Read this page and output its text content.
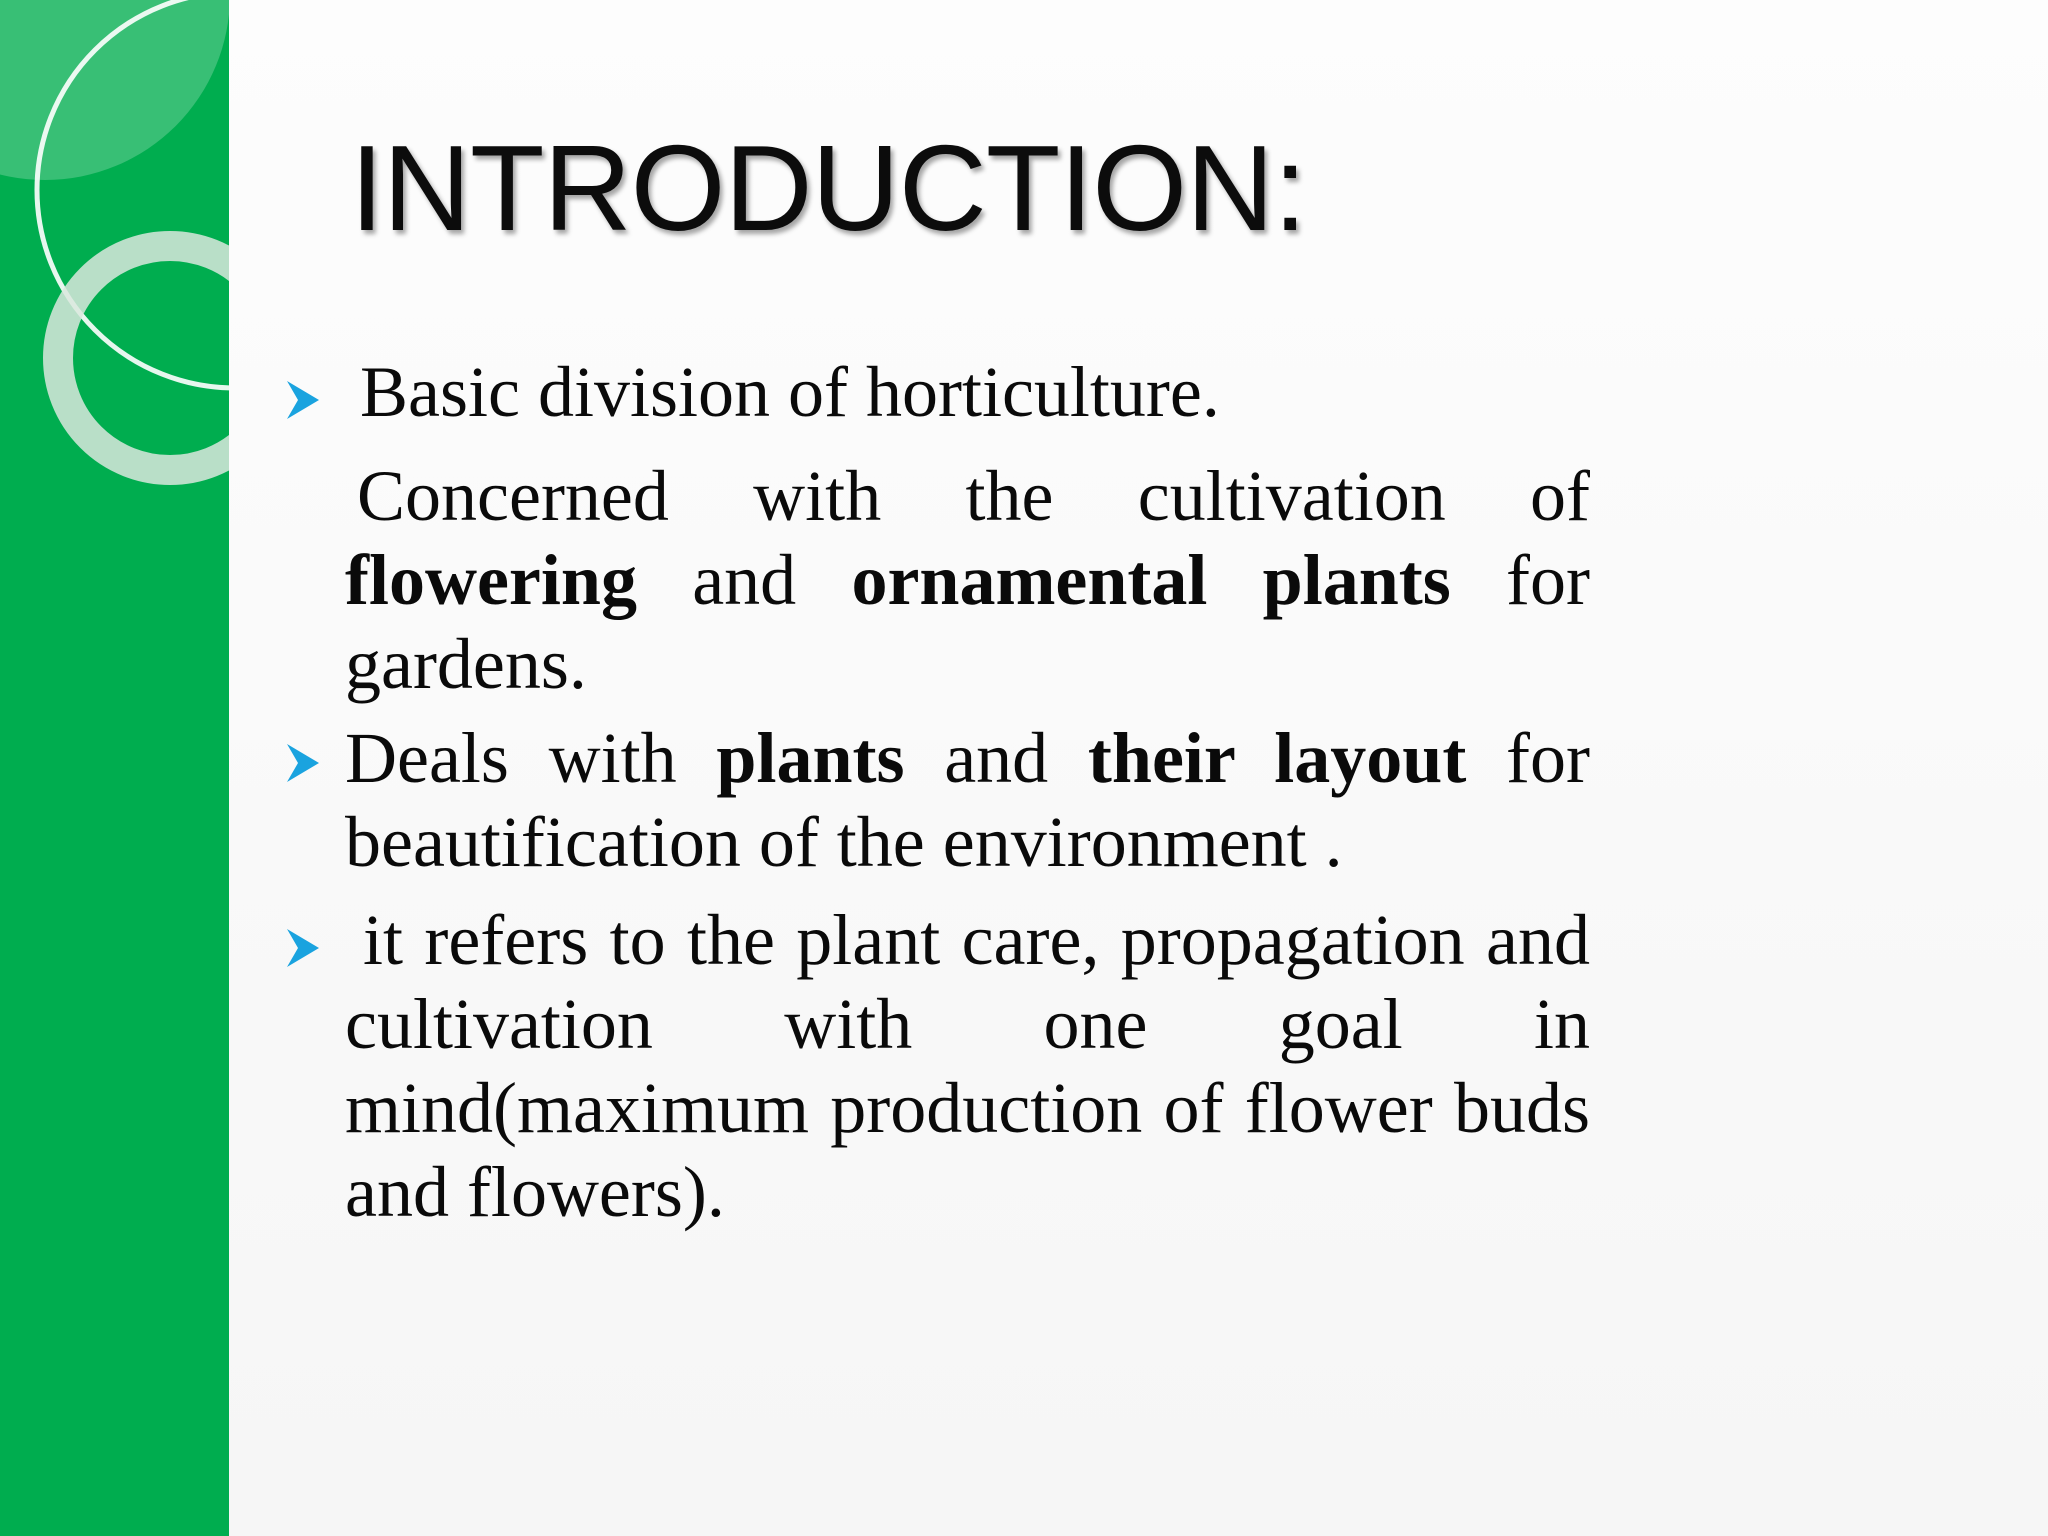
INTRODUCTION:

Basic division of horticulture.

Concerned with the cultivation of flowering and ornamental plants for gardens.

Deals with plants and their layout for beautification of the environment .

it refers to the plant care, propagation and cultivation with one goal in mind(maximum production of flower buds and flowers).
